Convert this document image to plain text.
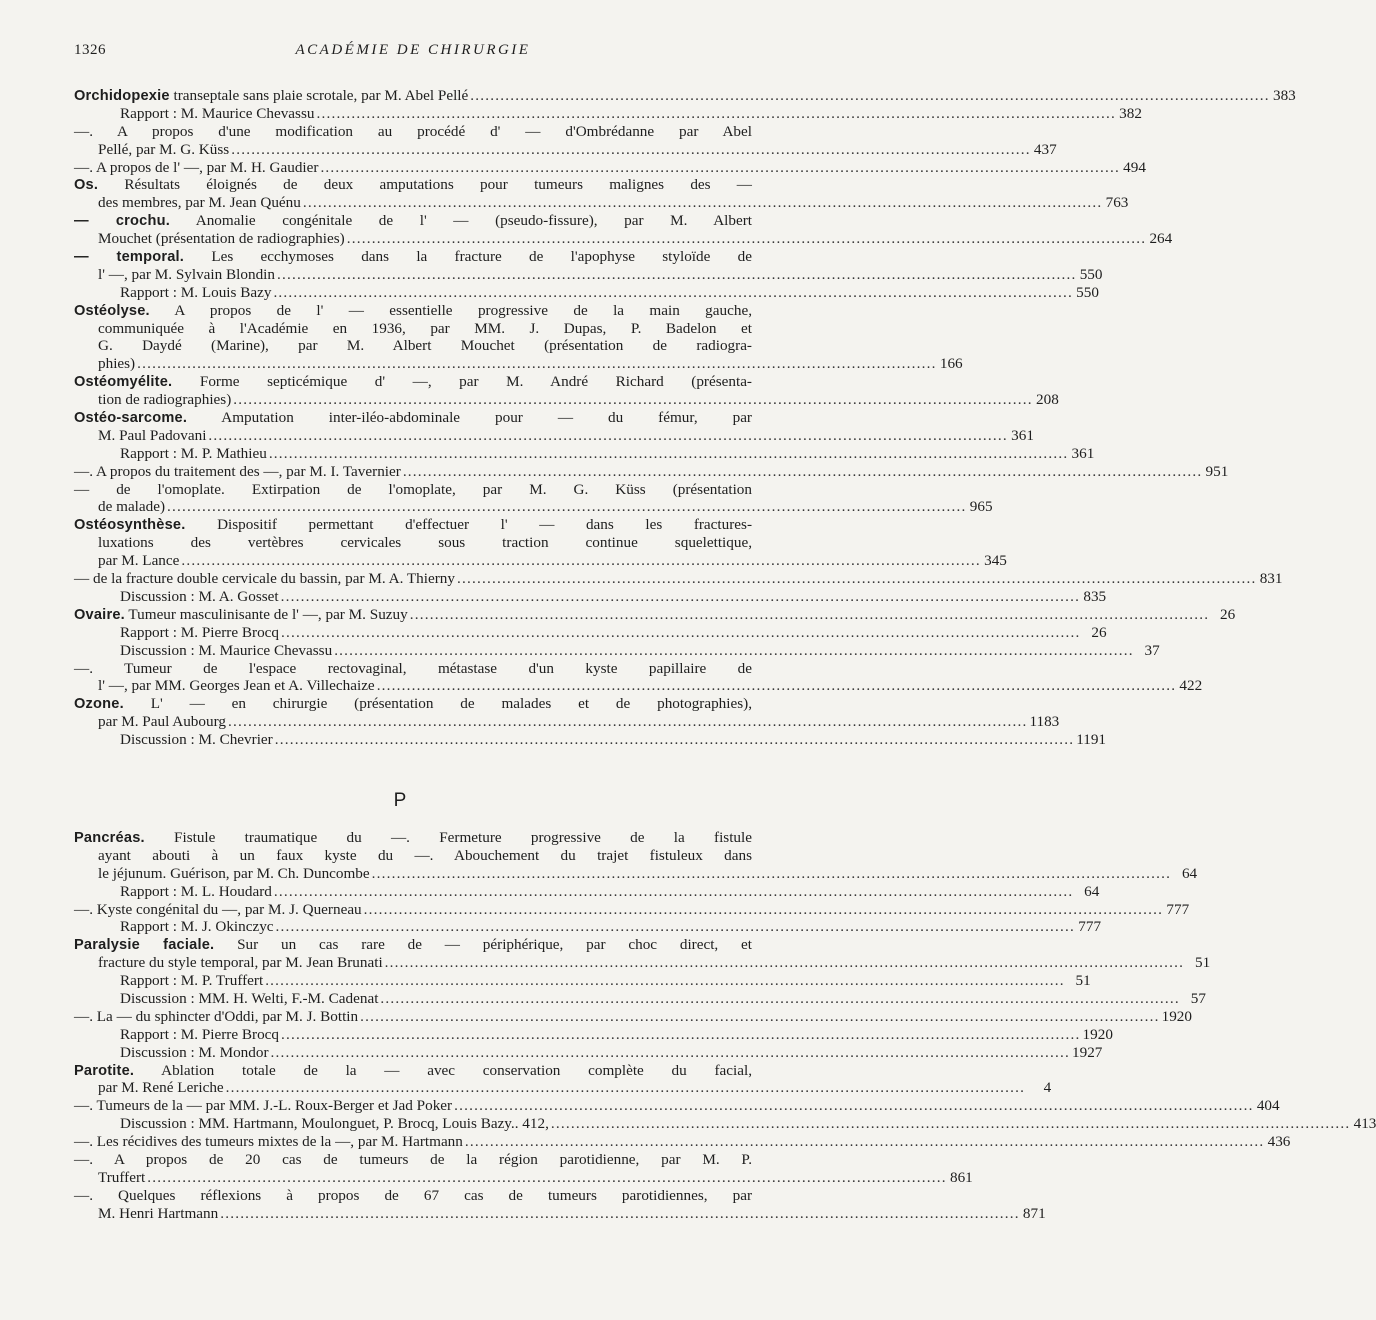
1326	ACADÉMIE DE CHIRURGIE
Orchidopexie transeptale sans plaie scrotale, par M. Abel Pellé ................................................................................................................................................................ 383
Rapport : M. Maurice Chevassu ................................................................................................................................................................ 382
—. A propos d'une modification au procédé d' — d'Ombrédanne par Abel
Pellé, par M. G. Küss ................................................................................................................................................................ 437
—. A propos de l' —, par M. H. Gaudier ................................................................................................................................................................ 494
Os. Résultats éloignés de deux amputations pour tumeurs malignes des —
des membres, par M. Jean Quénu ................................................................................................................................................................ 763
— crochu. Anomalie congénitale de l' — (pseudo-fissure), par M. Albert
Mouchet (présentation de radiographies) ................................................................................................................................................................ 264
— temporal. Les ecchymoses dans la fracture de l'apophyse styloïde de
l' —, par M. Sylvain Blondin ................................................................................................................................................................ 550
Rapport : M. Louis Bazy ................................................................................................................................................................ 550
Ostéolyse. A propos de l' — essentielle progressive de la main gauche,
communiquée à l'Académie en 1936, par MM. J. Dupas, P. Badelon et
G. Daydé (Marine), par M. Albert Mouchet (présentation de radiogra-
phies) ................................................................................................................................................................ 166
Ostéomyélite. Forme septicémique d' —, par M. André Richard (présenta-
tion de radiographies) ................................................................................................................................................................ 208
Ostéo-sarcome. Amputation inter-iléo-abdominale pour — du fémur, par
M. Paul Padovani ................................................................................................................................................................ 361
Rapport : M. P. Mathieu ................................................................................................................................................................ 361
—. A propos du traitement des —, par M. I. Tavernier ................................................................................................................................................................ 951
— de l'omoplate. Extirpation de l'omoplate, par M. G. Küss (présentation
de malade) ................................................................................................................................................................ 965
Ostéosynthèse. Dispositif permettant d'effectuer l' — dans les fractures-
luxations des vertèbres cervicales sous traction continue squelettique,
par M. Lance ................................................................................................................................................................ 345
— de la fracture double cervicale du bassin, par M. A. Thierny ................................................................................................................................................................ 831
Discussion : M. A. Gosset ................................................................................................................................................................ 835
Ovaire. Tumeur masculinisante de l' —, par M. Suzuy ................................................................................................................................................................ 26
Rapport : M. Pierre Brocq ................................................................................................................................................................ 26
Discussion : M. Maurice Chevassu ................................................................................................................................................................ 37
—. Tumeur de l'espace rectovaginal, métastase d'un kyste papillaire de
l' —, par MM. Georges Jean et A. Villechaize ................................................................................................................................................................ 422
Ozone. L' — en chirurgie (présentation de malades et de photographies),
par M. Paul Aubourg ................................................................................................................................................................ 1183
Discussion : M. Chevrier ................................................................................................................................................................ 1191
P
Pancréas. Fistule traumatique du —. Fermeture progressive de la fistule
ayant abouti à un faux kyste du —. Abouchement du trajet fistuleux dans
le jéjunum. Guérison, par M. Ch. Duncombe ................................................................................................................................................................ 64
Rapport : M. L. Houdard ................................................................................................................................................................ 64
—. Kyste congénital du —, par M. J. Querneau ................................................................................................................................................................ 777
Rapport : M. J. Okinczyc ................................................................................................................................................................ 777
Paralysie faciale. Sur un cas rare de — périphérique, par choc direct, et
fracture du style temporal, par M. Jean Brunati ................................................................................................................................................................ 51
Rapport : M. P. Truffert ................................................................................................................................................................ 51
Discussion : MM. H. Welti, F.-M. Cadenat ................................................................................................................................................................ 57
—. La — du sphincter d'Oddi, par M. J. Bottin ................................................................................................................................................................ 1920
Rapport : M. Pierre Brocq ................................................................................................................................................................ 1920
Discussion : M. Mondor ................................................................................................................................................................ 1927
Parotite. Ablation totale de la — avec conservation complète du facial,
par M. René Leriche ................................................................................................................................................................	4
—. Tumeurs de la — par MM. J.-L. Roux-Berger et Jad Poker ................................................................................................................................................................ 404
Discussion : MM. Hartmann, Moulonguet, P. Brocq, Louis Bazy.. 412, ................................................................................................................................................................ 413
—. Les récidives des tumeurs mixtes de la —, par M. Hartmann ................................................................................................................................................................ 436
—. A propos de 20 cas de tumeurs de la région parotidienne, par M. P.
Truffert ................................................................................................................................................................ 861
—. Quelques réflexions à propos de 67 cas de tumeurs parotidiennes, par
M. Henri Hartmann ................................................................................................................................................................ 871
